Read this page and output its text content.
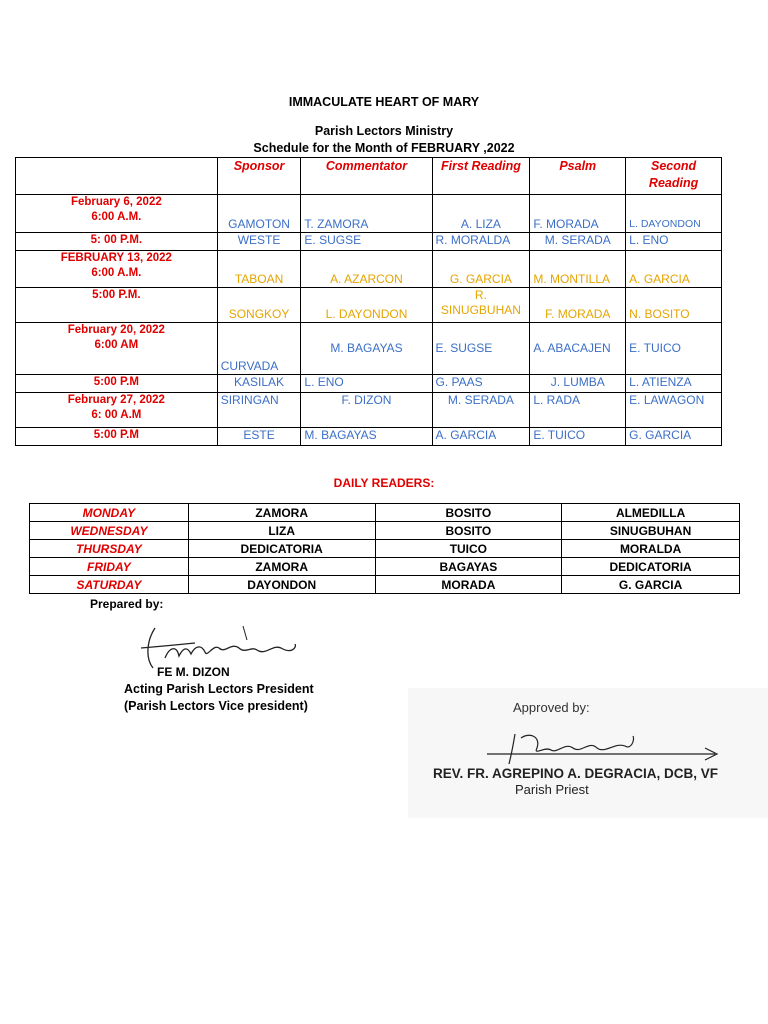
IMMACULATE HEART OF MARY
Parish Lectors Ministry
Schedule for the Month of FEBRUARY ,2022
	Sponsor	Commentator	First Reading	Psalm	Second Reading

February 6, 2022
6:00 A.M.	GAMOTON	T. ZAMORA	A. LIZA	F. MORADA	L. DAYONDON

5: 00 P.M.	WESTE	E. SUGSE	R. MORALDA	M. SERADA	L. ENO

FEBRUARY 13, 2022
6:00 A.M.	TABOAN	A. AZARCON	G. GARCIA	M. MONTILLA	A. GARCIA

5:00 P.M.	SONGKOY	L. DAYONDON	R.
SINUGBUHAN	F. MORADA	N. BOSITO

February 20, 2022
6:00 AM	CURVADA	M. BAGAYAS	E. SUGSE	A. ABACAJEN	E. TUICO

5:00 P.M	KASILAK	L. ENO	G. PAAS	J. LUMBA	L. ATIENZA

February 27, 2022
6: 00 A.M	SIRINGAN	F. DIZON	M. SERADA	L. RADA	E. LAWAGON

5:00 P.M	ESTE	M. BAGAYAS	A. GARCIA	E. TUICO	G. GARCIA
DAILY READERS:
MONDAY	ZAMORA	BOSITO	ALMEDILLA
WEDNESDAY	LIZA	BOSITO	SINUGBUHAN
THURSDAY	DEDICATORIA	TUICO	MORALDA
FRIDAY	ZAMORA	BAGAYAS	DEDICATORIA
SATURDAY	DAYONDON	MORADA	G. GARCIA
Prepared by:
FE M. DIZON
Acting Parish Lectors President
(Parish Lectors Vice president)	Approved by:
REV. FR. AGREPINO A. DEGRACIA, DCB, VF
Parish Priest
